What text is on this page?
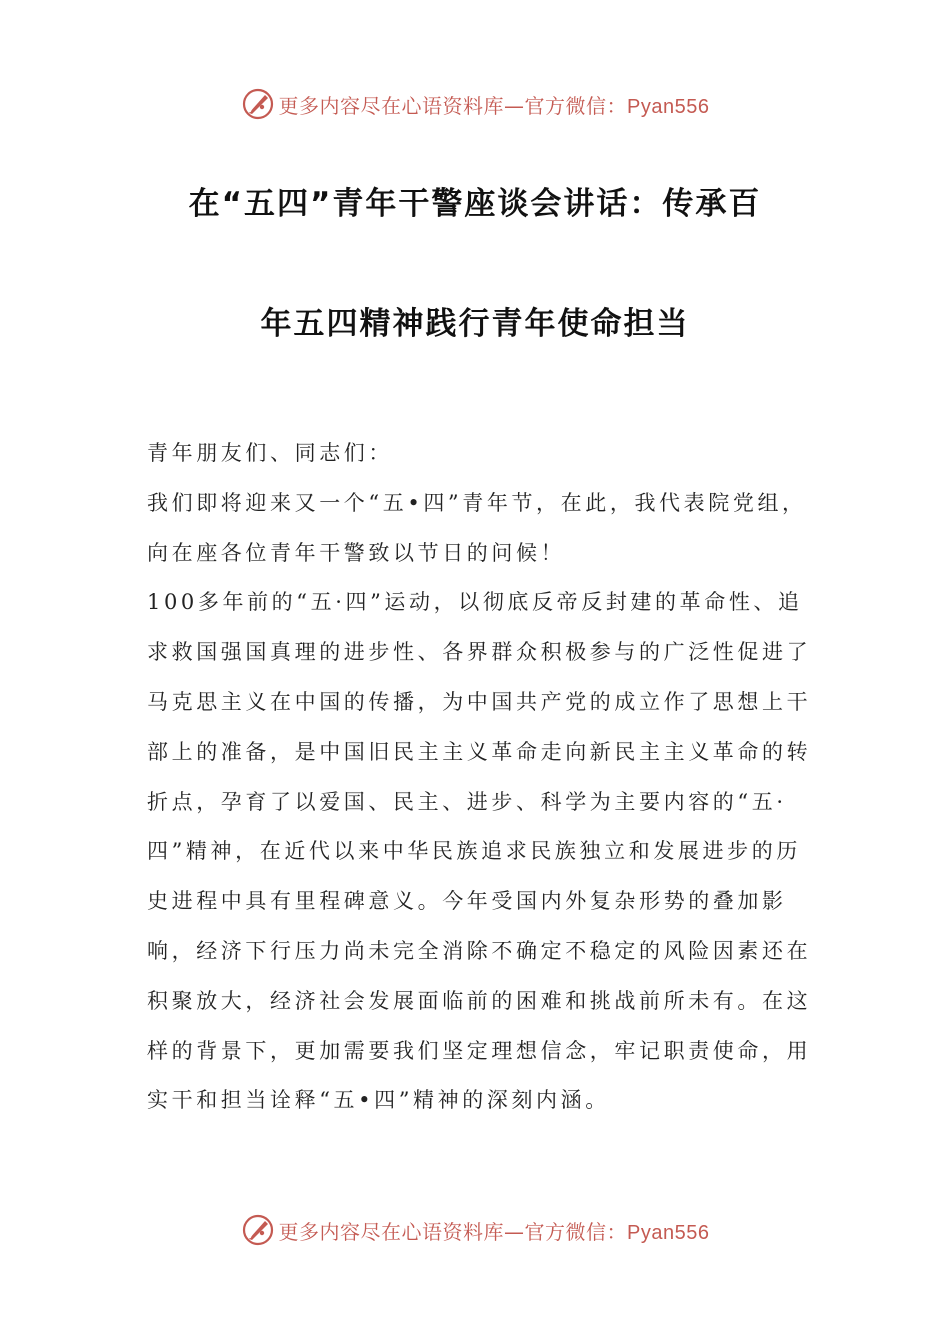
更多内容尽在心语资料库—官方微信：Pyan556
在“五四”青年干警座谈会讲话：传承百
年五四精神践行青年使命担当

青年朋友们、同志们：

我们即将迎来又一个“五•四”青年节，在此，我代表院党组，向在座各位青年干警致以节日的问候！

100多年前的“五·四”运动，以彻底反帝反封建的革命性、追求救国强国真理的进步性、各界群众积极参与的广泛性促进了马克思主义在中国的传播，为中国共产党的成立作了思想上干部上的准备，是中国旧民主主义革命走向新民主主义革命的转折点，孕育了以爱国、民主、进步、科学为主要内容的“五·四”精神，在近代以来中华民族追求民族独立和发展进步的历史进程中具有里程碑意义。今年受国内外复杂形势的叠加影响，经济下行压力尚未完全消除不确定不稳定的风险因素还在积聚放大，经济社会发展面临前的困难和挑战前所未有。在这样的背景下，更加需要我们坚定理想信念，牢记职责使命，用实干和担当诠释“五•四”精神的深刻内涵。

更多内容尽在心语资料库—官方微信：Pyan556
